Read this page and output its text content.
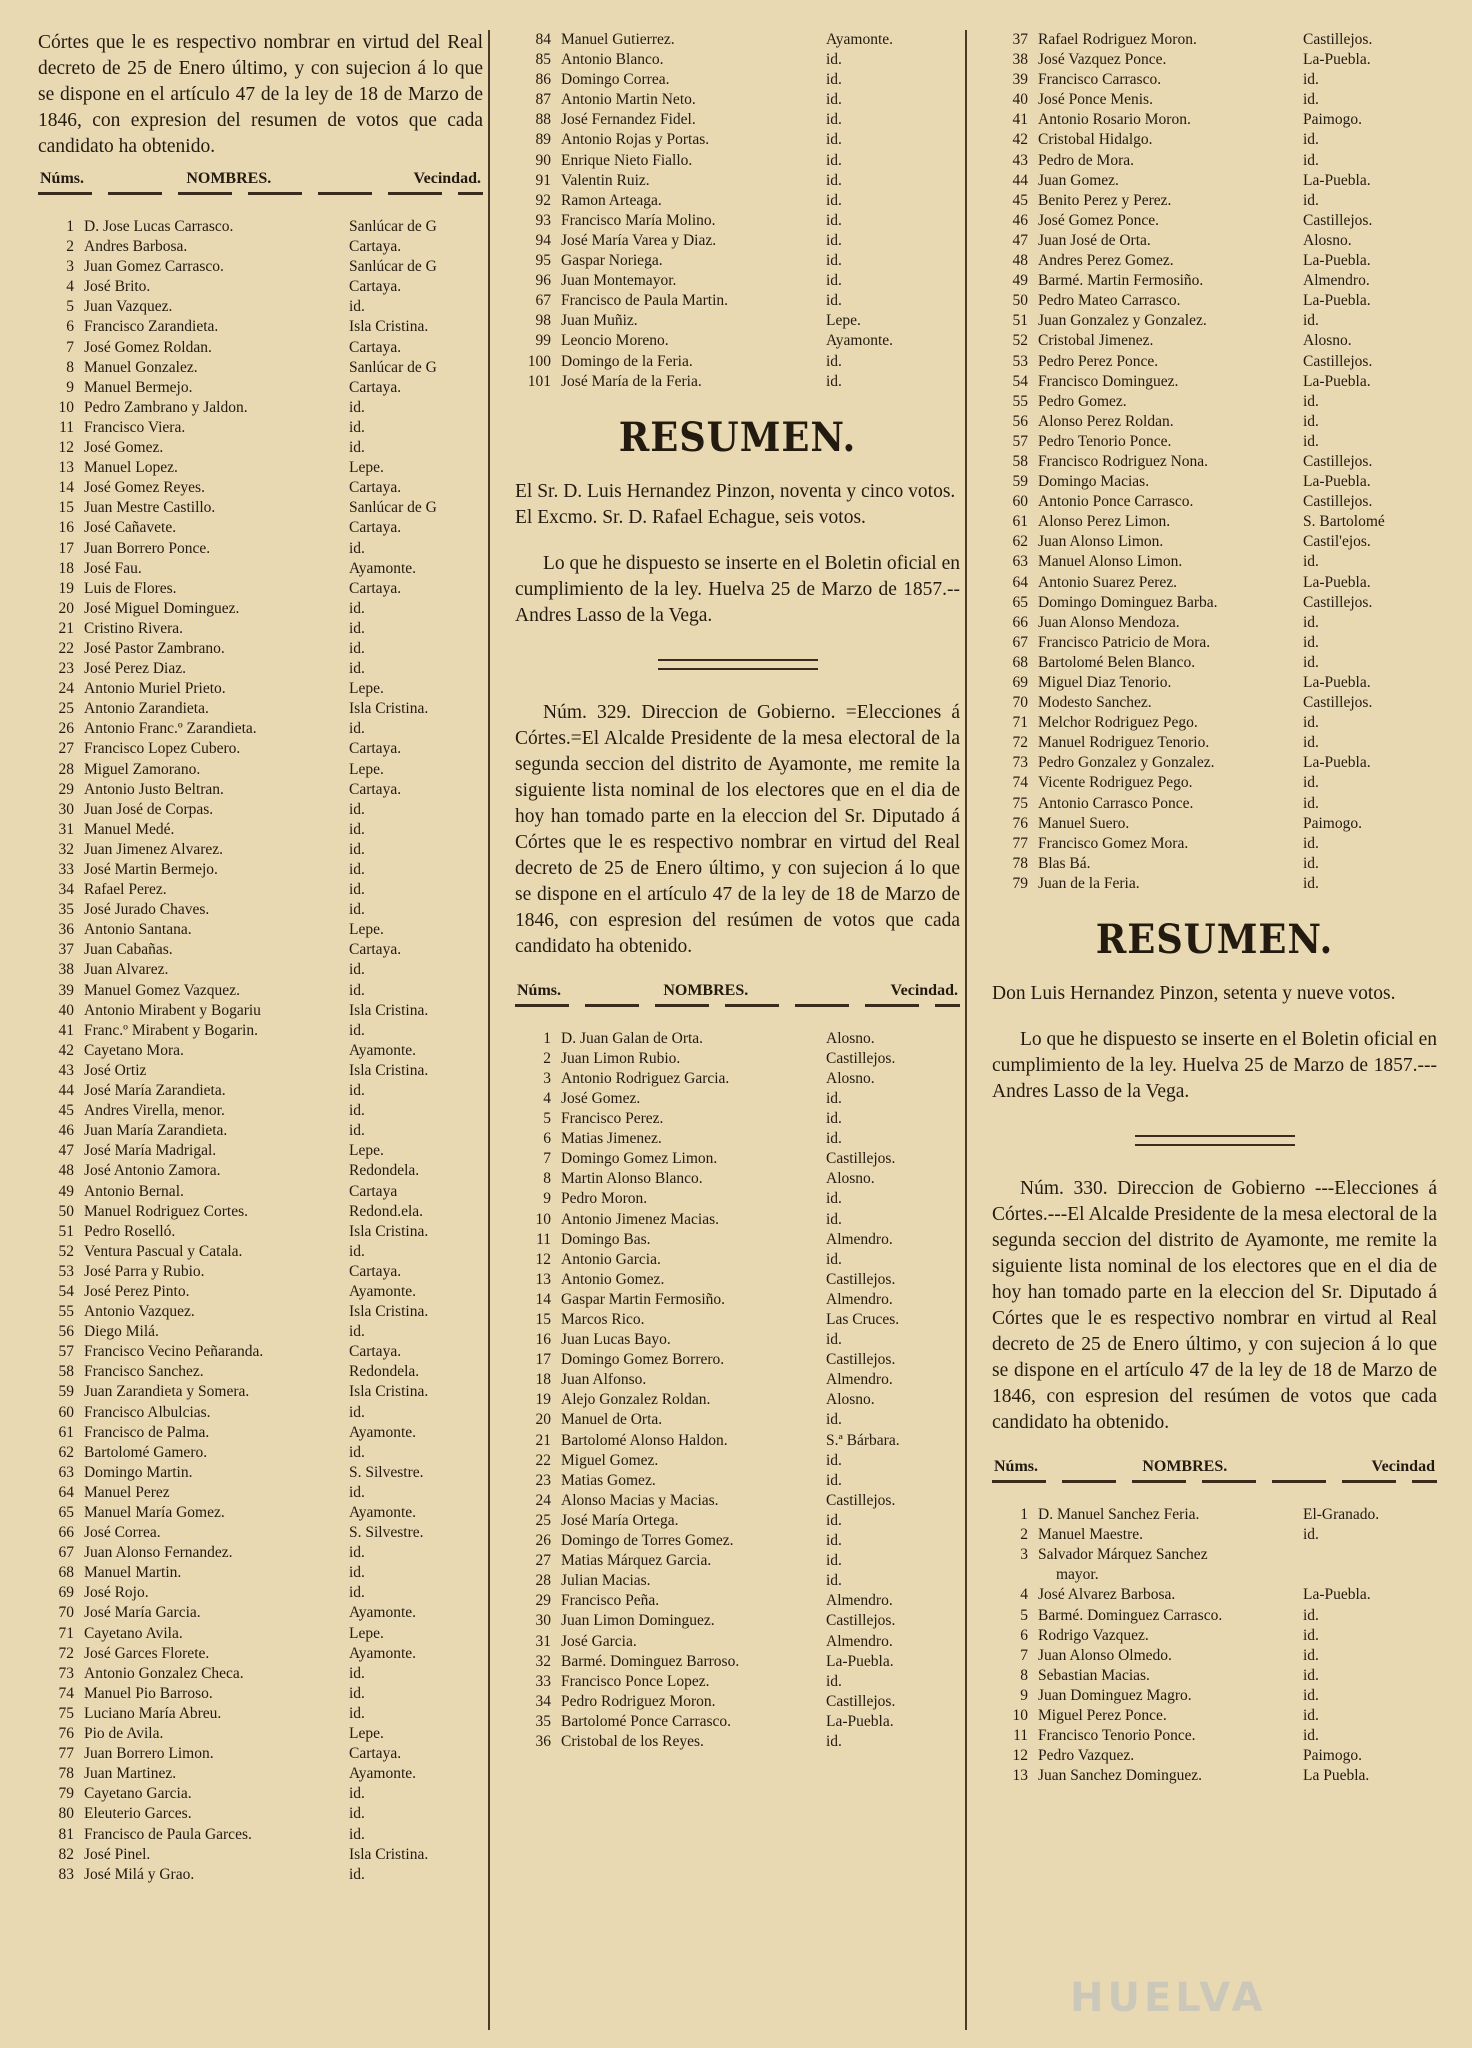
Córtes que le es respectivo nombrar en virtud del Real decreto de 25 de Enero último, y con sujecion á lo que se dispone en el artículo 47 de la ley de 18 de Marzo de 1846, con expresion del resumen de votos que cada candidato ha obtenido.

Núms.	NOMBRES.	Vecindad.
1 D. Jose Lucas Carrasco.	Sanlúcar de G
2 Andres Barbosa.	Cartaya.
3 Juan Gomez Carrasco.	Sanlúcar de G
4 José Brito.	Cartaya.
5 Juan Vazquez.	id.
6 Francisco Zarandieta.	Isla Cristina.
7 José Gomez Roldan.	Cartaya.
8 Manuel Gonzalez.	Sanlúcar de G
9 Manuel Bermejo.	Cartaya.
10 Pedro Zambrano y Jaldon.	id.
11 Francisco Viera.	id.
12 José Gomez.	id.
13 Manuel Lopez.	Lepe.
14 José Gomez Reyes.	Cartaya.
15 Juan Mestre Castillo.	Sanlúcar de G
16 José Cañavete.	Cartaya.
17 Juan Borrero Ponce.	id.
18 José Fau.	Ayamonte.
19 Luis de Flores.	Cartaya.
20 José Miguel Dominguez.	id.
21 Cristino Rivera.	id.
22 José Pastor Zambrano.	id.
23 José Perez Diaz.	id.
24 Antonio Muriel Prieto.	Lepe.
25 Antonio Zarandieta.	Isla Cristina.
26 Antonio Franc.º Zarandieta.	id.
27 Francisco Lopez Cubero.	Cartaya.
28 Miguel Zamorano.	Lepe.
29 Antonio Justo Beltran.	Cartaya.
30 Juan José de Corpas.	id.
31 Manuel Medé.	id.
32 Juan Jimenez Alvarez.	id.
33 José Martin Bermejo.	id.
34 Rafael Perez.	id.
35 José Jurado Chaves.	id.
36 Antonio Santana.	Lepe.
37 Juan Cabañas.	Cartaya.
38 Juan Alvarez.	id.
39 Manuel Gomez Vazquez.	id.
40 Antonio Mirabent y Bogariu	Isla Cristina.
41 Franc.º Mirabent y Bogarin.	id.
42 Cayetano Mora.	Ayamonte.
43 José Ortiz	Isla Cristina.
44 José María Zarandieta.	id.
45 Andres Virella, menor.	id.
46 Juan María Zarandieta.	id.
47 José María Madrigal.	Lepe.
48 José Antonio Zamora.	Redondela.
49 Antonio Bernal.	Cartaya
50 Manuel Rodriguez Cortes.	Redond.ela.
51 Pedro Roselló.	Isla Cristina.
52 Ventura Pascual y Catala.	id.
53 José Parra y Rubio.	Cartaya.
54 José Perez Pinto.	Ayamonte.
55 Antonio Vazquez.	Isla Cristina.
56 Diego Milá.	id.
57 Francisco Vecino Peñaranda.	Cartaya.
58 Francisco Sanchez.	Redondela.
59 Juan Zarandieta y Somera.	Isla Cristina.
60 Francisco Albulcias.	id.
61 Francisco de Palma.	Ayamonte.
62 Bartolomé Gamero.	id.
63 Domingo Martin.	S. Silvestre.
64 Manuel Perez	id.
65 Manuel María Gomez.	Ayamonte.
66 José Correa.	S. Silvestre.
67 Juan Alonso Fernandez.	id.
68 Manuel Martin.	id.
69 José Rojo.	id.
70 José María Garcia.	Ayamonte.
71 Cayetano Avila.	Lepe.
72 José Garces Florete.	Ayamonte.
73 Antonio Gonzalez Checa.	id.
74 Manuel Pio Barroso.	id.
75 Luciano María Abreu.	id.
76 Pio de Avila.	Lepe.
77 Juan Borrero Limon.	Cartaya.
78 Juan Martinez.	Ayamonte.
79 Cayetano Garcia.	id.
80 Eleuterio Garces.	id.
81 Francisco de Paula Garces.	id.
82 José Pinel.	Isla Cristina.
83 José Milá y Grao.	id.
84 Manuel Gutierrez.	Ayamonte.
85 Antonio Blanco.	id.
86 Domingo Correa.	id.
87 Antonio Martin Neto.	id.
88 José Fernandez Fidel.	id.
89 Antonio Rojas y Portas.	id.
90 Enrique Nieto Fiallo.	id.
91 Valentin Ruiz.	id.
92 Ramon Arteaga.	id.
93 Francisco María Molino.	id.
94 José María Varea y Diaz.	id.
95 Gaspar Noriega.	id.
96 Juan Montemayor.	id.
67 Francisco de Paula Martin.	id.
98 Juan Muñiz.	Lepe.
99 Leoncio Moreno.	Ayamonte.
100 Domingo de la Feria.	id.
101 José María de la Feria.	id.
RESUMEN.

El Sr. D. Luis Hernandez Pinzon, noventa y cinco votos.

El Excmo. Sr. D. Rafael Echague, seis votos.

Lo que he dispuesto se inserte en el Boletin oficial en cumplimiento de la ley. Huelva 25 de Marzo de 1857.--Andres Lasso de la Vega.

Núm. 329. Direccion de Gobierno. =Elecciones á Córtes.=El Alcalde Presidente de la mesa electoral de la segunda seccion del distrito de Ayamonte, me remite la siguiente lista nominal de los electores que en el dia de hoy han tomado parte en la eleccion del Sr. Diputado á Córtes que le es respectivo nombrar en virtud del Real decreto de 25 de Enero último, y con sujecion á lo que se dispone en el artículo 47 de la ley de 18 de Marzo de 1846, con espresion del resúmen de votos que cada candidato ha obtenido.

Núms.	NOMBRES.	Vecindad.
1 D. Juan Galan de Orta.	Alosno.
2 Juan Limon Rubio.	Castillejos.
3 Antonio Rodriguez Garcia.	Alosno.
4 José Gomez.	id.
5 Francisco Perez.	id.
6 Matias Jimenez.	id.
7 Domingo Gomez Limon.	Castillejos.
8 Martin Alonso Blanco.	Alosno.
9 Pedro Moron.	id.
10 Antonio Jimenez Macias.	id.
11 Domingo Bas.	Almendro.
12 Antonio Garcia.	id.
13 Antonio Gomez.	Castillejos.
14 Gaspar Martin Fermosiño.	Almendro.
15 Marcos Rico.	Las Cruces.
16 Juan Lucas Bayo.	id.
17 Domingo Gomez Borrero.	Castillejos.
18 Juan Alfonso.	Almendro.
19 Alejo Gonzalez Roldan.	Alosno.
20 Manuel de Orta.	id.
21 Bartolomé Alonso Haldon.	S.ª Bárbara.
22 Miguel Gomez.	id.
23 Matias Gomez.	id.
24 Alonso Macias y Macias.	Castillejos.
25 José María Ortega.	id.
26 Domingo de Torres Gomez.	id.
27 Matias Márquez Garcia.	id.
28 Julian Macias.	id.
29 Francisco Peña.	Almendro.
30 Juan Limon Dominguez.	Castillejos.
31 José Garcia.	Almendro.
32 Barmé. Dominguez Barroso.	La-Puebla.
33 Francisco Ponce Lopez.	id.
34 Pedro Rodriguez Moron.	Castillejos.
35 Bartolomé Ponce Carrasco.	La-Puebla.
36 Cristobal de los Reyes.	id.
37 Rafael Rodriguez Moron.	Castillejos.
38 José Vazquez Ponce.	La-Puebla.
39 Francisco Carrasco.	id.
40 José Ponce Menis.	id.
41 Antonio Rosario Moron.	Paimogo.
42 Cristobal Hidalgo.	id.
43 Pedro de Mora.	id.
44 Juan Gomez.	La-Puebla.
45 Benito Perez y Perez.	id.
46 José Gomez Ponce.	Castillejos.
47 Juan José de Orta.	Alosno.
48 Andres Perez Gomez.	La-Puebla.
49 Barmé. Martin Fermosiño.	Almendro.
50 Pedro Mateo Carrasco.	La-Puebla.
51 Juan Gonzalez y Gonzalez.	id.
52 Cristobal Jimenez.	Alosno.
53 Pedro Perez Ponce.	Castillejos.
54 Francisco Dominguez.	La-Puebla.
55 Pedro Gomez.	id.
56 Alonso Perez Roldan.	id.
57 Pedro Tenorio Ponce.	id.
58 Francisco Rodriguez Nona.	Castillejos.
59 Domingo Macias.	La-Puebla.
60 Antonio Ponce Carrasco.	Castillejos.
61 Alonso Perez Limon.	S. Bartolomé
62 Juan Alonso Limon.	Castil'ejos.
63 Manuel Alonso Limon.	id.
64 Antonio Suarez Perez.	La-Puebla.
65 Domingo Dominguez Barba.	Castillejos.
66 Juan Alonso Mendoza.	id.
67 Francisco Patricio de Mora.	id.
68 Bartolomé Belen Blanco.	id.
69 Miguel Diaz Tenorio.	La-Puebla.
70 Modesto Sanchez.	Castillejos.
71 Melchor Rodriguez Pego.	id.
72 Manuel Rodriguez Tenorio.	id.
73 Pedro Gonzalez y Gonzalez.	La-Puebla.
74 Vicente Rodriguez Pego.	id.
75 Antonio Carrasco Ponce.	id.
76 Manuel Suero.	Paimogo.
77 Francisco Gomez Mora.	id.
78 Blas Bá.	id.
79 Juan de la Feria.	id.
RESUMEN.

Don Luis Hernandez Pinzon, setenta y nueve votos.

Lo que he dispuesto se inserte en el Boletin oficial en cumplimiento de la ley. Huelva 25 de Marzo de 1857.---Andres Lasso de la Vega.

Núm. 330. Direccion de Gobierno ---Elecciones á Córtes.---El Alcalde Presidente de la mesa electoral de la segunda seccion del distrito de Ayamonte, me remite la siguiente lista nominal de los electores que en el dia de hoy han tomado parte en la eleccion del Sr. Diputado á Córtes que le es respectivo nombrar en virtud al Real decreto de 25 de Enero último, y con sujecion á lo que se dispone en el artículo 47 de la ley de 18 de Marzo de 1846, con espresion del resúmen de votos que cada candidato ha obtenido.

Núms.	NOMBRES.	Vecindad
1 D. Manuel Sanchez Feria.	El-Granado.
2 Manuel Maestre.	id.
3 Salvador Márquez Sanchez
mayor.
4 José Alvarez Barbosa.	La-Puebla.
5 Barmé. Dominguez Carrasco.	id.
6 Rodrigo Vazquez.	id.
7 Juan Alonso Olmedo.	id.
8 Sebastian Macias.	id.
9 Juan Dominguez Magro.	id.
10 Miguel Perez Ponce.	id.
11 Francisco Tenorio Ponce.	id.
12 Pedro Vazquez.	Paimogo.
13 Juan Sanchez Dominguez.	La Puebla.
HUELVA
